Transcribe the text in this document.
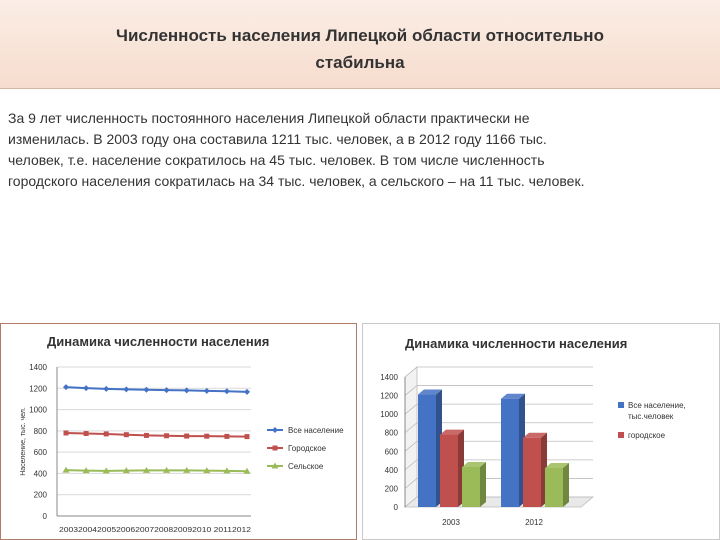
Численность населения Липецкой области относительно
стабильна
За 9 лет численность постоянного населения Липецкой области практически не
изменилась. В 2003 году она составила 1211 тыс. человек, а в 2012 году 1166 тыс.
человек, т.е. население сократилось на 45 тыс. человек. В том числе численность
городского населения сократилась на 34 тыс. человек, а сельского – на 11 тыс. человек.
Динамика численности населения
0
200
400
600
800
1000
1200
1400
20032004200520062007200820092010 20112012
Население, тыс. чел.	Все население
Городское
Сельское
Динамика численности населения
0
200
400
600
800
1000
1200
1400
2003	2012
Все население,
тыс.человек
городское
